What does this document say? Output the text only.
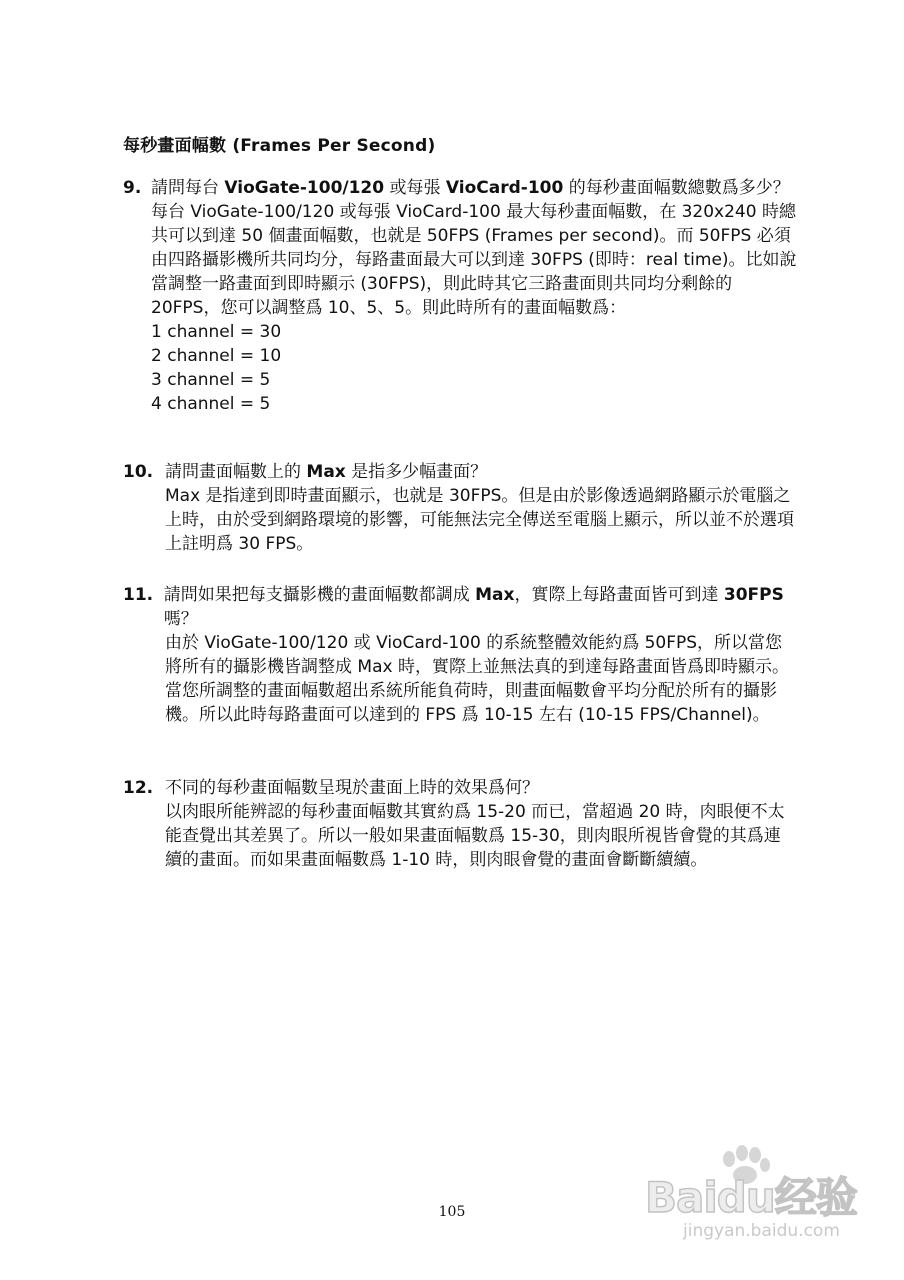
每秒畫面幅數 (Frames Per Second)
9. 請問每台 VioGate-100/120 或每張 VioCard-100 的每秒畫面幅數總數爲多少？

每台 VioGate-100/120 或每張 VioCard-100 最大每秒畫面幅數，在 320x240 時總共可以到達 50 個畫面幅數，也就是 50FPS (Frames per second)。而 50FPS 必須由四路攝影機所共同均分，每路畫面最大可以到達 30FPS (即時：real time)。比如說當調整一路畫面到即時顯示 (30FPS)，則此時其它三路畫面則共同均分剩餘的 20FPS，您可以調整爲 10、5、5。則此時所有的畫面幅數爲：

1 channel = 30

2 channel = 10

3 channel = 5

4 channel = 5

10. 請問畫面幅數上的 Max 是指多少幅畫面？

Max 是指達到即時畫面顯示，也就是 30FPS。但是由於影像透過網路顯示於電腦之上時，由於受到網路環境的影響，可能無法完全傳送至電腦上顯示，所以並不於選項上註明爲 30 FPS。

11. 請問如果把每支攝影機的畫面幅數都調成 Max，實際上每路畫面皆可到達 30FPS 嗎？

由於 VioGate-100/120 或 VioCard-100 的系統整體效能約爲 50FPS，所以當您將所有的攝影機皆調整成 Max 時，實際上並無法真的到達每路畫面皆爲即時顯示。當您所調整的畫面幅數超出系統所能負荷時，則畫面幅數會平均分配於所有的攝影機。所以此時每路畫面可以達到的 FPS 爲 10-15 左右 (10-15 FPS/Channel)。

12. 不同的每秒畫面幅數呈現於畫面上時的效果爲何？

以肉眼所能辨認的每秒畫面幅數其實約爲 15-20 而已，當超過 20 時，肉眼便不太能查覺出其差異了。所以一般如果畫面幅數爲 15-30，則肉眼所視皆會覺的其爲連續的畫面。而如果畫面幅數爲 1-10 時，則肉眼會覺的畫面會斷斷續續。

105	Baidu经验
jingyan.baidu.com
